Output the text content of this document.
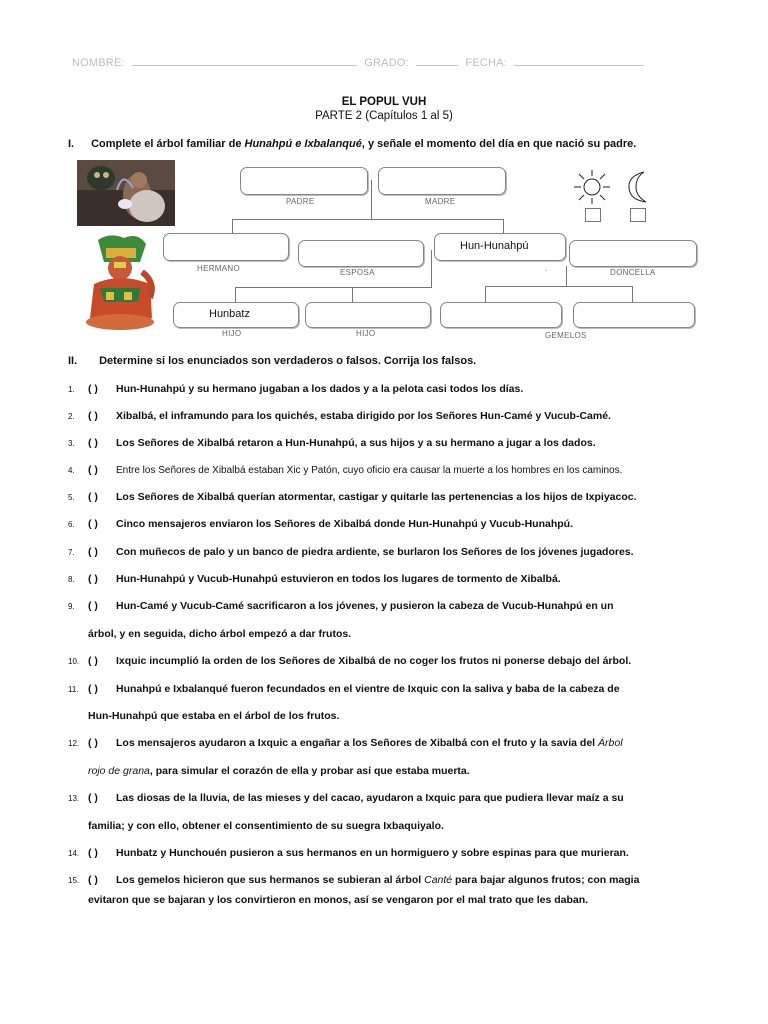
NOMBRE:	GRADO:	FECHA:
EL POPUL VUH
PARTE 2 (Capítulos 1 al 5)
I. Complete el árbol familiar de Hunahpú e Ixbalanqué, y señale el momento del día en que nació su padre.
PADRE	MADRE
HERMANO	ESPOSA
Hun-Hunahpú
.	DONCELLA
Hunbatz
HIJO	HIJO	GEMELOS
II. Determine si los enunciados son verdaderos o falsos. Corrija los falsos.
1. ( ) Hun-Hunahpú y su hermano jugaban a los dados y a la pelota casi todos los días.
2. ( ) Xibalbá, el inframundo para los quichés, estaba dirigido por los Señores Hun-Camé y Vucub-Camé.
3. ( ) Los Señores de Xibalbá retaron a Hun-Hunahpú, a sus hijos y a su hermano a jugar a los dados.
4. ( ) Entre los Señores de Xibalbá estaban Xic y Patón, cuyo oficio era causar la muerte a los hombres en los caminos.
5. ( ) Los Señores de Xibalbá querían atormentar, castigar y quitarle las pertenencias a los hijos de Ixpiyacoc.
6. ( ) Cinco mensajeros enviaron los Señores de Xibalbá donde Hun-Hunahpú y Vucub-Hunahpú.
7. ( ) Con muñecos de palo y un banco de piedra ardiente, se burlaron los Señores de los jóvenes jugadores.
8. ( ) Hun-Hunahpú y Vucub-Hunahpú estuvieron en todos los lugares de tormento de Xibalbá.
9. ( ) Hun-Camé y Vucub-Camé sacrificaron a los jóvenes, y pusieron la cabeza de Vucub-Hunahpú en un
árbol, y en seguida, dicho árbol empezó a dar frutos.
10. ( ) Ixquic incumplió la orden de los Señores de Xibalbá de no coger los frutos ni ponerse debajo del árbol.
11. ( ) Hunahpú e Ixbalanqué fueron fecundados en el vientre de Ixquic con la saliva y baba de la cabeza de
Hun-Hunahpú que estaba en el árbol de los frutos.
12. ( ) Los mensajeros ayudaron a Ixquic a engañar a los Señores de Xibalbá con el fruto y la savia del Árbol
rojo de grana, para simular el corazón de ella y probar así que estaba muerta.
13. ( ) Las diosas de la lluvia, de las mieses y del cacao, ayudaron a Ixquic para que pudiera llevar maíz a su
familia; y con ello, obtener el consentimiento de su suegra Ixbaquiyalo.
14. ( ) Hunbatz y Hunchouén pusieron a sus hermanos en un hormiguero y sobre espinas para que murieran.
15. ( ) Los gemelos hicieron que sus hermanos se subieran al árbol Canté para bajar algunos frutos; con magia
evitaron que se bajaran y los convirtieron en monos, así se vengaron por el mal trato que les daban.
